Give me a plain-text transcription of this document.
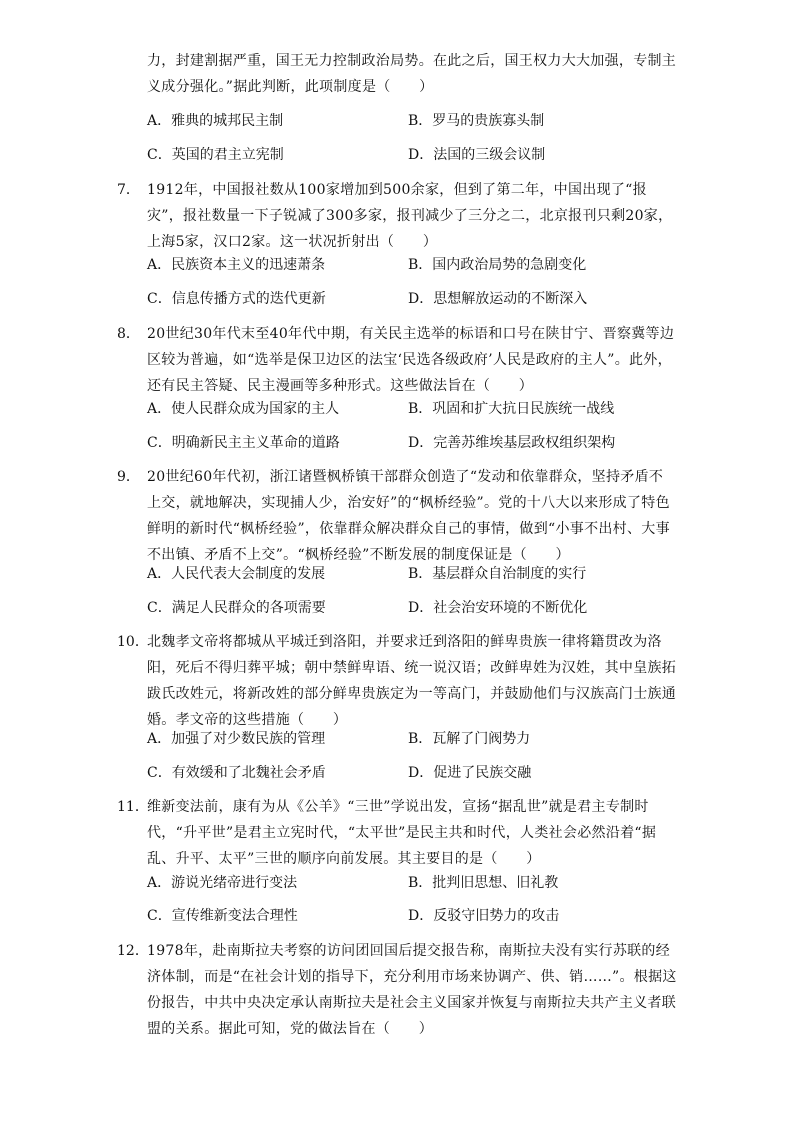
力，封建割据严重，国王无力控制政治局势。在此之后，国王权力大大加强，专制主义成分强化。”据此判断，此项制度是（　　）

A．雅典的城邦民主制	B．罗马的贵族寡头制
C．英国的君主立宪制	D．法国的三级会议制
7． 1912年，中国报社数从100家增加到500余家，但到了第二年，中国出现了“报灾”，报社数量一下子锐减了300多家，报刊减少了三分之二，北京报刊只剩20家，上海5家，汉口2家。这一状况折射出（　　）

A．民族资本主义的迅速萧条	B．国内政治局势的急剧变化
C．信息传播方式的迭代更新	D．思想解放运动的不断深入
8． 20世纪30年代末至40年代中期，有关民主选举的标语和口号在陕甘宁、晋察冀等边区较为普遍，如“选举是保卫边区的法宝‘民选各级政府’人民是政府的主人”。此外，还有民主答疑、民主漫画等多种形式。这些做法旨在（　　）

A．使人民群众成为国家的主人	B．巩固和扩大抗日民族统一战线
C．明确新民主主义革命的道路	D．完善苏维埃基层政权组织架构
9． 20世纪60年代初，浙江诸暨枫桥镇干部群众创造了“发动和依靠群众，坚持矛盾不上交，就地解决，实现捕人少，治安好”的“枫桥经验”。党的十八大以来形成了特色鲜明的新时代“枫桥经验”，依靠群众解决群众自己的事情，做到“小事不出村、大事不出镇、矛盾不上交”。“枫桥经验”不断发展的制度保证是（　　）

A．人民代表大会制度的发展	B．基层群众自治制度的实行
C．满足人民群众的各项需要	D．社会治安环境的不断优化
10．

北魏孝文帝将都城从平城迁到洛阳，并要求迁到洛阳的鲜卑贵族一律将籍贯改为洛阳，死后不得归葬平城；朝中禁鲜卑语、统一说汉语；改鲜卑姓为汉姓，其中皇族拓跋氏改姓元，将新改姓的部分鲜卑贵族定为一等高门，并鼓励他们与汉族高门士族通婚。孝文帝的这些措施（　　）

A．加强了对少数民族的管理	B．瓦解了门阀势力
C．有效缓和了北魏社会矛盾	D．促进了民族交融
11．

维新变法前，康有为从《公羊》“三世”学说出发，宣扬“据乱世”就是君主专制时代，“升平世”是君主立宪时代，“太平世”是民主共和时代，人类社会必然沿着“据乱、升平、太平”三世的顺序向前发展。其主要目的是（　　）

A．游说光绪帝进行变法	B．批判旧思想、旧礼教
C．宣传维新变法合理性	D．反驳守旧势力的攻击
12．

1978年，赴南斯拉夫考察的访问团回国后提交报告称，南斯拉夫没有实行苏联的经济体制，而是“在社会计划的指导下，充分利用市场来协调产、供、销……”。根据这份报告，中共中央决定承认南斯拉夫是社会主义国家并恢复与南斯拉夫共产主义者联盟的关系。据此可知，党的做法旨在（　　）
